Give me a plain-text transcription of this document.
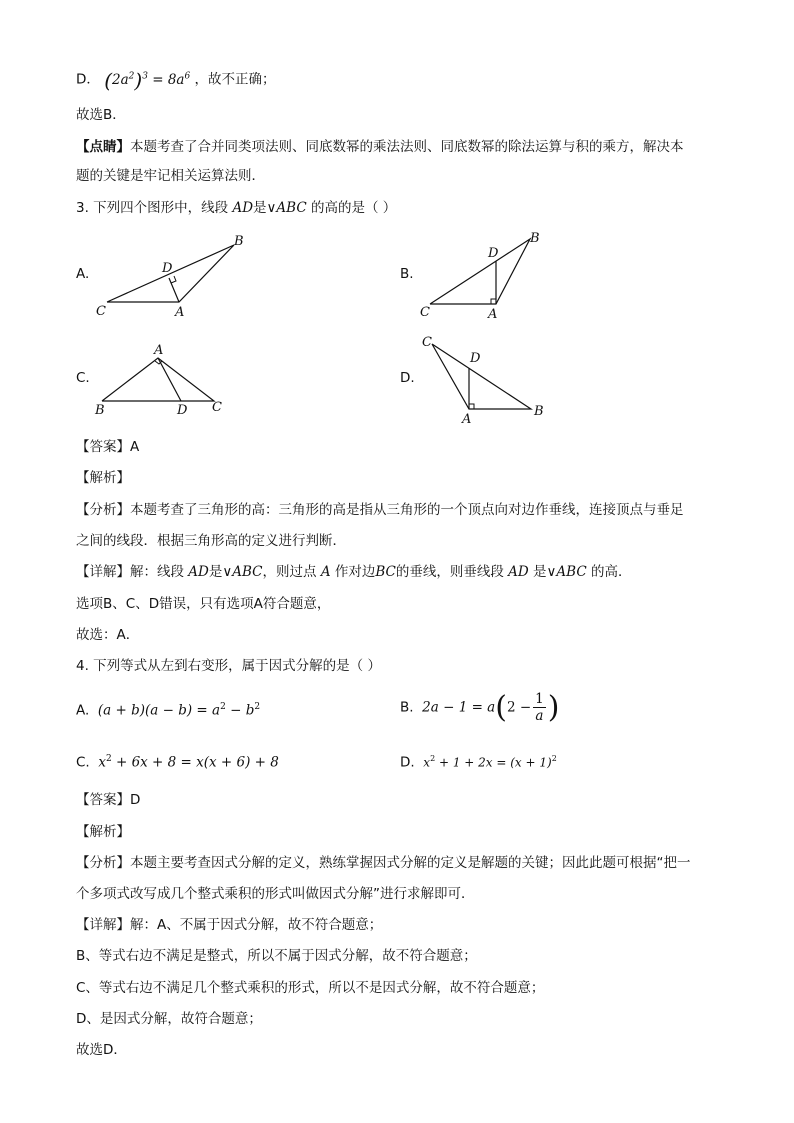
D． $(2a^2)^3 = 8a^6$ ，故不正确；
故选B．
【点睛】本题考查了合并同类项法则、同底数幂的乘法法则、同底数幂的除法运算与积的乘方，解决本
题的关键是牢记相关运算法则．
3. 下列四个图形中，线段 AD是∨ABC 的高的是（ ）
A.
B
D
C	A
B.
B
D
C	A
C.
A
B	D C
D.
C
D
A
B
【答案】A
【解析】
【分析】本题考查了三角形的高：三角形的高是指从三角形的一个顶点向对边作垂线，连接顶点与垂足
之间的线段．根据三角形高的定义进行判断．
【详解】解：线段 AD是∨ABC，则过点 A 作对边BC的垂线，则垂线段 AD 是∨ABC 的高．
选项B、C、D错误，只有选项A符合题意，
故选：A．
4. 下列等式从左到右变形，属于因式分解的是（ ）
A. $(a + b)(a - b) = a^2 - b^2$	B. $2a - 1 = a(2 - \frac{1}{a}$ )
C. $x^2 + 6x + 8 = x(x + 6) + 8$	D. $x^2 + 1 + 2x = (x + 1)^2$
【答案】D
【解析】
【分析】本题主要考查因式分解的定义，熟练掌握因式分解的定义是解题的关键；因此此题可根据“把一
个多项式改写成几个整式乘积的形式叫做因式分解”进行求解即可．
【详解】解：A、不属于因式分解，故不符合题意；
B、等式右边不满足是整式，所以不属于因式分解，故不符合题意；
C、等式右边不满足几个整式乘积的形式，所以不是因式分解，故不符合题意；
D、是因式分解，故符合题意；
故选D．
